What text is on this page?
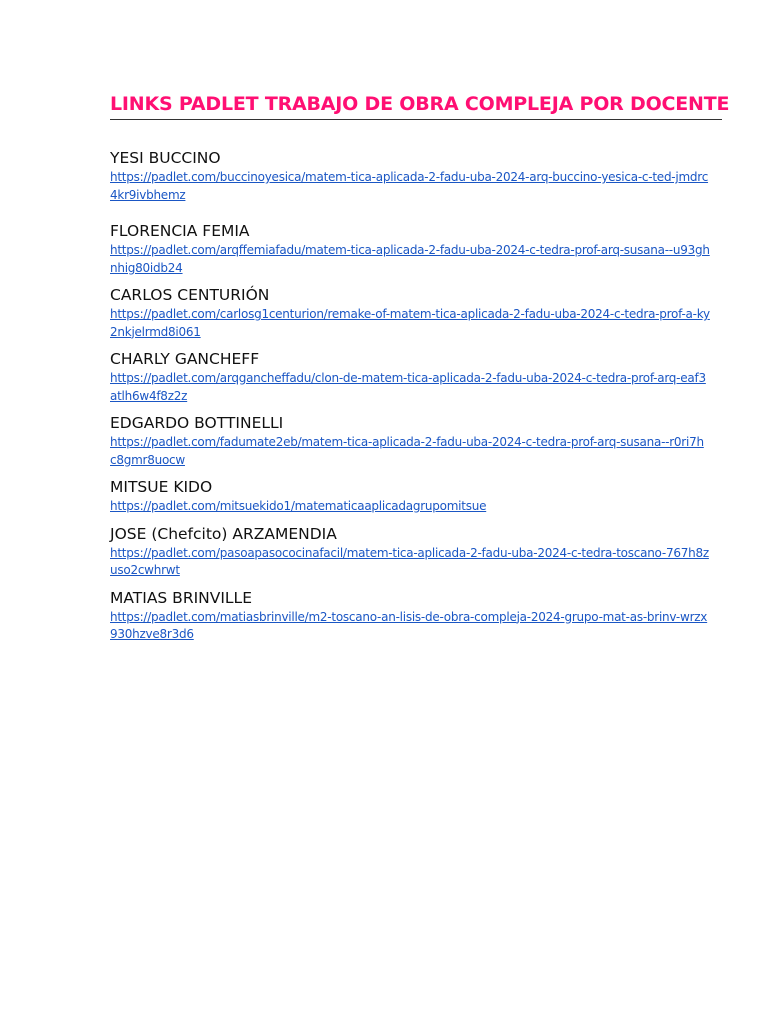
LINKS PADLET TRABAJO DE OBRA COMPLEJA POR DOCENTE
YESI BUCCINO
https://padlet.com/buccinoyesica/matem-tica-aplicada-2-fadu-uba-2024-arq-buccino-yesica-c-ted-jmdrc4kr9ivbhemz
FLORENCIA FEMIA
https://padlet.com/arqffemiafadu/matem-tica-aplicada-2-fadu-uba-2024-c-tedra-prof-arq-susana--u93ghnhig80idb24
CARLOS CENTURIÓN
https://padlet.com/carlosg1centurion/remake-of-matem-tica-aplicada-2-fadu-uba-2024-c-tedra-prof-a-ky2nkjelrmd8i061
CHARLY GANCHEFF
https://padlet.com/arqgancheffadu/clon-de-matem-tica-aplicada-2-fadu-uba-2024-c-tedra-prof-arq-eaf3atlh6w4f8z2z
EDGARDO BOTTINELLI
https://padlet.com/fadumate2eb/matem-tica-aplicada-2-fadu-uba-2024-c-tedra-prof-arq-susana--r0ri7hc8gmr8uocw
MITSUE KIDO
https://padlet.com/mitsuekido1/matematicaaplicadagrupomitsue
JOSE (Chefcito) ARZAMENDIA
https://padlet.com/pasoapasococinafacil/matem-tica-aplicada-2-fadu-uba-2024-c-tedra-toscano-767h8zuso2cwhrwt
MATIAS BRINVILLE
https://padlet.com/matiasbrinville/m2-toscano-an-lisis-de-obra-compleja-2024-grupo-mat-as-brinv-wrzx930hzve8r3d6
